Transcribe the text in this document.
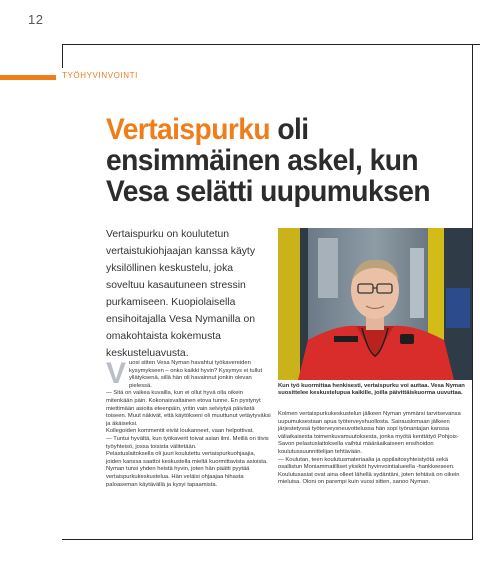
12
TYÖHYVINVOINTI
Vertaispurku oli ensimmäinen askel, kun Vesa selätti uupumuksen

Vertaispurku on koulutetun vertaistukiohjaajan kanssa käyty yksilöllinen keskustelu, joka soveltuu kasautuneen stressin purkamiseen. Kuopiolaisella ensihoitajalla Vesa Nymanilla on omakohtaista kokemusta keskusteluavusta.

V uosi sitten Vesa Nyman havahtui työkavereiden kysymykseen – onko kaikki hyvin? Kysymys ei tullut yllätyksenä, sillä hän oli havainnut jonkin olevan pielessä.

— Sitä on vaikea kuvailla, kun ei ollut hyvä olla oikein mitenkään päin. Kokonaisvaltainen etova tunne. En pystynyt miettimään asioita eteenpäin, yritin vain selviytyä päivästä toiseen. Muut näkivät, että käytökseni oli muuttunut vetäytyväksi ja äkäiseksi.

Kollegoiden kommentit eivät loukanneet, vaan helpottivat.

— Tuntui hyvältä, kun työkaverit toivat asian ilmi. Meillä on tiivis työyhteisö, jossa toisista välitetään.

Pelastuslaitoksella oli juuri koulutettu vertaispurkuohjaajia, joiden kanssa saattoi keskustella mieltä kuormittavista asioista. Nyman tunsi yhden heistä hyvin, joten hän päätti pyytää vertaispurkukeskustelua. Hän veläisi ohjaajaa hihasta paloaseman käytävällä ja kysyi tapaamista.

Kun työ kuormittaa henkisesti, vertaispurku voi auttaa. Vesa Nyman suosittelee keskustelupua kaikille, joilla päivittäiskuorma uuvuttaa.

Kolmen vertaispurkukeskustelun jälkeen Nyman ymmärsi tarvitsevansa uupumuksestaan apua työterveyshuollosta. Sairauslomaan jälkeen järjestetyssä työterveysneuvottelussa hän sopi työnantajan kanssa väliaikaisesta toimenkuvamuutoksesta, jonka myötä kenttätyö Pohjois-Savon pelastuslaitoksella vaihtui määräaikaiseen ensihoidon koulutussuunnittelijan tehtävään.

— Koulutan, teen koulutusmateriaalia ja oppilaitosyhteistyötä sekä osallistun Moniammatilliset yksiköt hyvinvointialueella -hankkeeseen. Koulutusasiat ovat aina olleet lähellä sydäntäni, joten tehtävä on oikein mieluisa. Oloni on parempi kuin vuosi sitten, sanoo Nyman.
